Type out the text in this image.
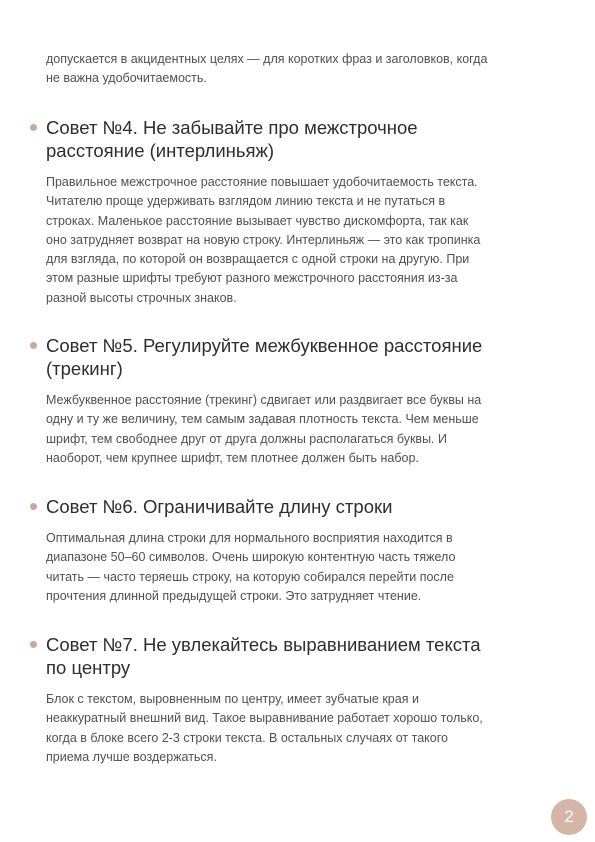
допускается в акцидентных целях — для коротких фраз и заголовков, когда
не важна удобочитаемость.

Совет №4. Не забывайте про межстрочное
расстояние (интерлиньяж)

Правильное межстрочное расстояние повышает удобочитаемость текста.
Читателю проще удерживать взглядом линию текста и не путаться в
строках. Маленькое расстояние вызывает чувство дискомфорта, так как
оно затрудняет возврат на новую строку. Интерлиньяж — это как тропинка
для взгляда, по которой он возвращается с одной строки на другую. При
этом разные шрифты требуют разного межстрочного расстояния из-за
разной высоты строчных знаков.

Совет №5. Регулируйте межбуквенное расстояние
(трекинг)

Межбуквенное расстояние (трекинг) сдвигает или раздвигает все буквы на
одну и ту же величину, тем самым задавая плотность текста. Чем меньше
шрифт, тем свободнее друг от друга должны располагаться буквы. И
наоборот, чем крупнее шрифт, тем плотнее должен быть набор.

Совет №6. Ограничивайте длину строки

Оптимальная длина строки для нормального восприятия находится в
диапазоне 50–60 символов. Очень широкую контентную часть тяжело
читать — часто теряешь строку, на которую собирался перейти после
прочтения длинной предыдущей строки. Это затрудняет чтение.

Совет №7. Не увлекайтесь выравниванием текста
по центру

Блок с текстом, выровненным по центру, имеет зубчатые края и
неаккуратный внешний вид. Такое выравнивание работает хорошо только,
когда в блоке всего 2-3 строки текста. В остальных случаях от такого
приема лучше воздержаться.

2
